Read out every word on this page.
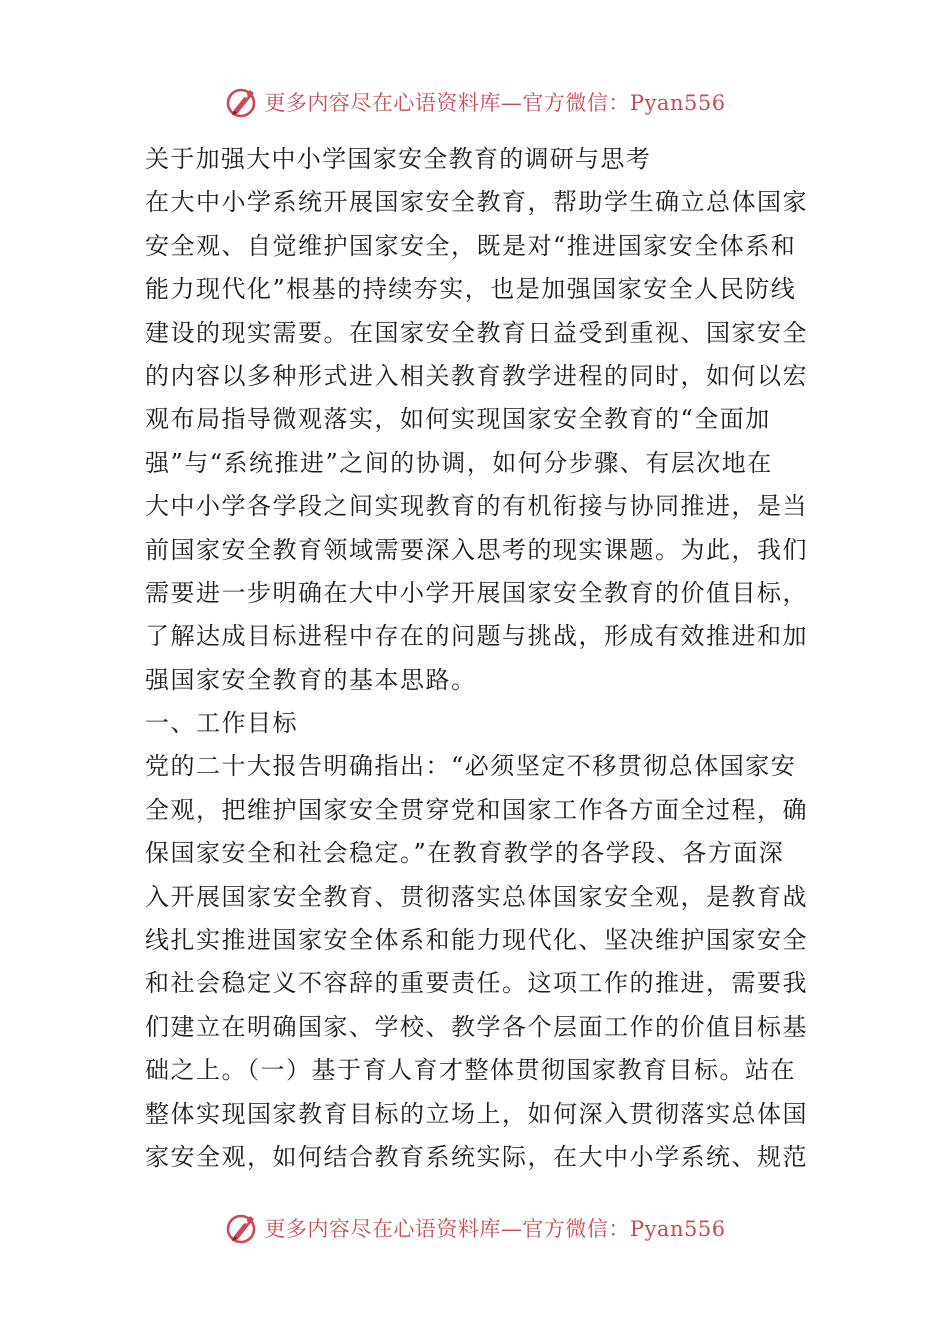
更多内容尽在心语资料库—官方微信：Pyan556
关于加强大中小学国家安全教育的调研与思考
在大中小学系统开展国家安全教育，帮助学生确立总体国家
安全观、自觉维护国家安全，既是对“推进国家安全体系和
能力现代化”根基的持续夯实，也是加强国家安全人民防线
建设的现实需要。在国家安全教育日益受到重视、国家安全
的内容以多种形式进入相关教育教学进程的同时，如何以宏
观布局指导微观落实，如何实现国家安全教育的“全面加
强”与“系统推进”之间的协调，如何分步骤、有层次地在
大中小学各学段之间实现教育的有机衔接与协同推进，是当
前国家安全教育领域需要深入思考的现实课题。为此，我们
需要进一步明确在大中小学开展国家安全教育的价值目标，
了解达成目标进程中存在的问题与挑战，形成有效推进和加
强国家安全教育的基本思路。
一、工作目标
党的二十大报告明确指出：“必须坚定不移贯彻总体国家安
全观，把维护国家安全贯穿党和国家工作各方面全过程，确
保国家安全和社会稳定。”在教育教学的各学段、各方面深
入开展国家安全教育、贯彻落实总体国家安全观，是教育战
线扎实推进国家安全体系和能力现代化、坚决维护国家安全
和社会稳定义不容辞的重要责任。这项工作的推进，需要我
们建立在明确国家、学校、教学各个层面工作的价值目标基
础之上。（一）基于育人育才整体贯彻国家教育目标。站在
整体实现国家教育目标的立场上，如何深入贯彻落实总体国
家安全观，如何结合教育系统实际，在大中小学系统、规范
更多内容尽在心语资料库—官方微信：Pyan556
